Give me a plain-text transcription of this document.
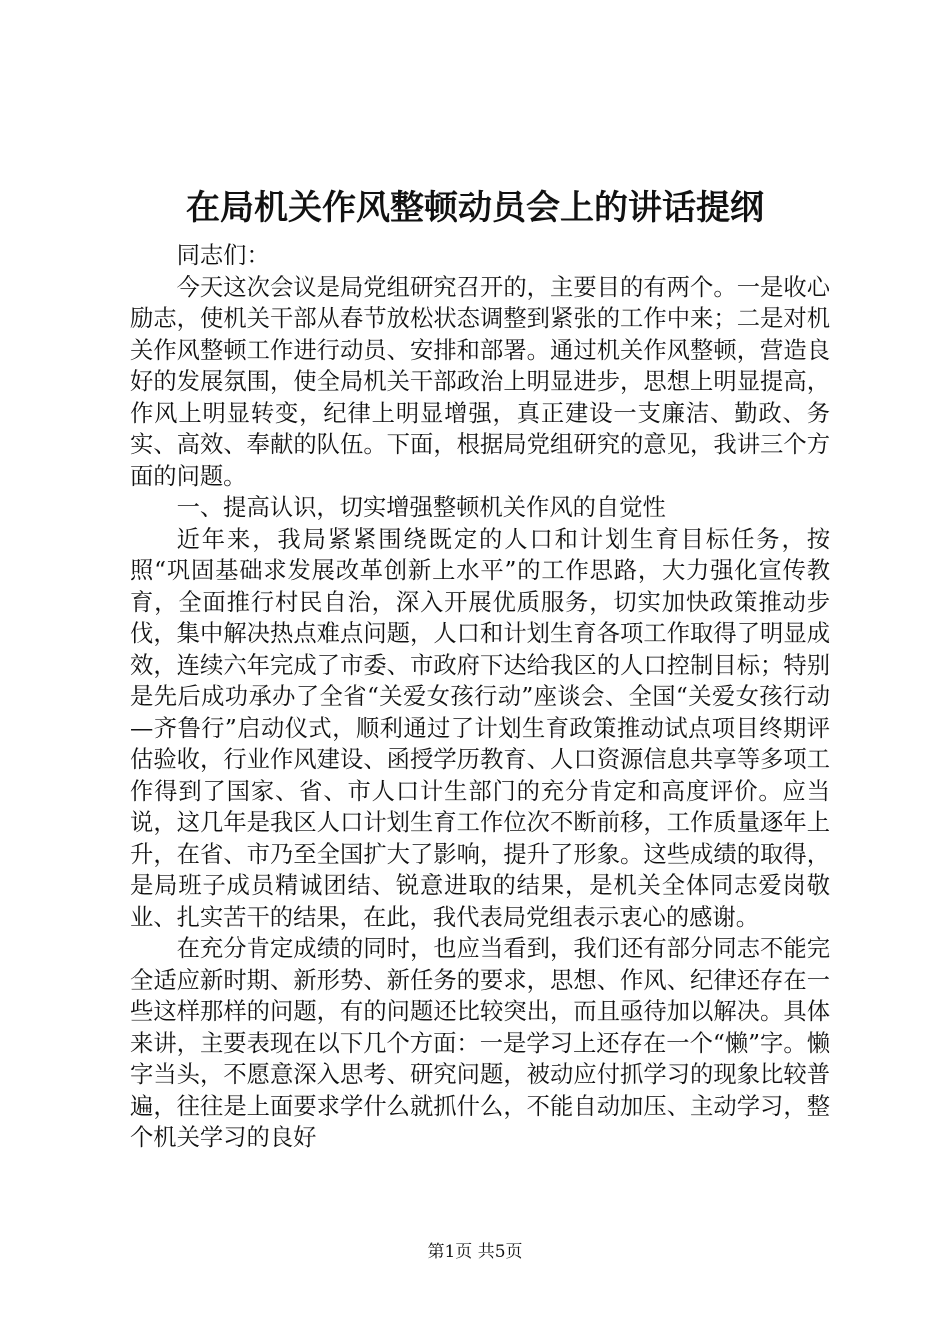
在局机关作风整顿动员会上的讲话提纲

同志们：

今天这次会议是局党组研究召开的，主要目的有两个。一是收心励志，使机关干部从春节放松状态调整到紧张的工作中来；二是对机关作风整顿工作进行动员、安排和部署。通过机关作风整顿，营造良好的发展氛围，使全局机关干部政治上明显进步，思想上明显提高，作风上明显转变，纪律上明显增强，真正建设一支廉洁、勤政、务实、高效、奉献的队伍。下面，根据局党组研究的意见，我讲三个方面的问题。

一、提高认识，切实增强整顿机关作风的自觉性

近年来，我局紧紧围绕既定的人口和计划生育目标任务，按照“巩固基础求发展改革创新上水平”的工作思路，大力强化宣传教育，全面推行村民自治，深入开展优质服务，切实加快政策推动步伐，集中解决热点难点问题，人口和计划生育各项工作取得了明显成效，连续六年完成了市委、市政府下达给我区的人口控制目标；特别是先后成功承办了全省“关爱女孩行动”座谈会、全国“关爱女孩行动—齐鲁行”启动仪式，顺利通过了计划生育政策推动试点项目终期评估验收，行业作风建设、函授学历教育、人口资源信息共享等多项工作得到了国家、省、市人口计生部门的充分肯定和高度评价。应当说，这几年是我区人口计划生育工作位次不断前移，工作质量逐年上升，在省、市乃至全国扩大了影响，提升了形象。这些成绩的取得，是局班子成员精诚团结、锐意进取的结果，是机关全体同志爱岗敬业、扎实苦干的结果，在此，我代表局党组表示衷心的感谢。

在充分肯定成绩的同时，也应当看到，我们还有部分同志不能完全适应新时期、新形势、新任务的要求，思想、作风、纪律还存在一些这样那样的问题，有的问题还比较突出，而且亟待加以解决。具体来讲，主要表现在以下几个方面：一是学习上还存在一个“懒”字。懒字当头，不愿意深入思考、研究问题，被动应付抓学习的现象比较普遍，往往是上面要求学什么就抓什么，不能自动加压、主动学习，整个机关学习的良好

第1页 共5页
